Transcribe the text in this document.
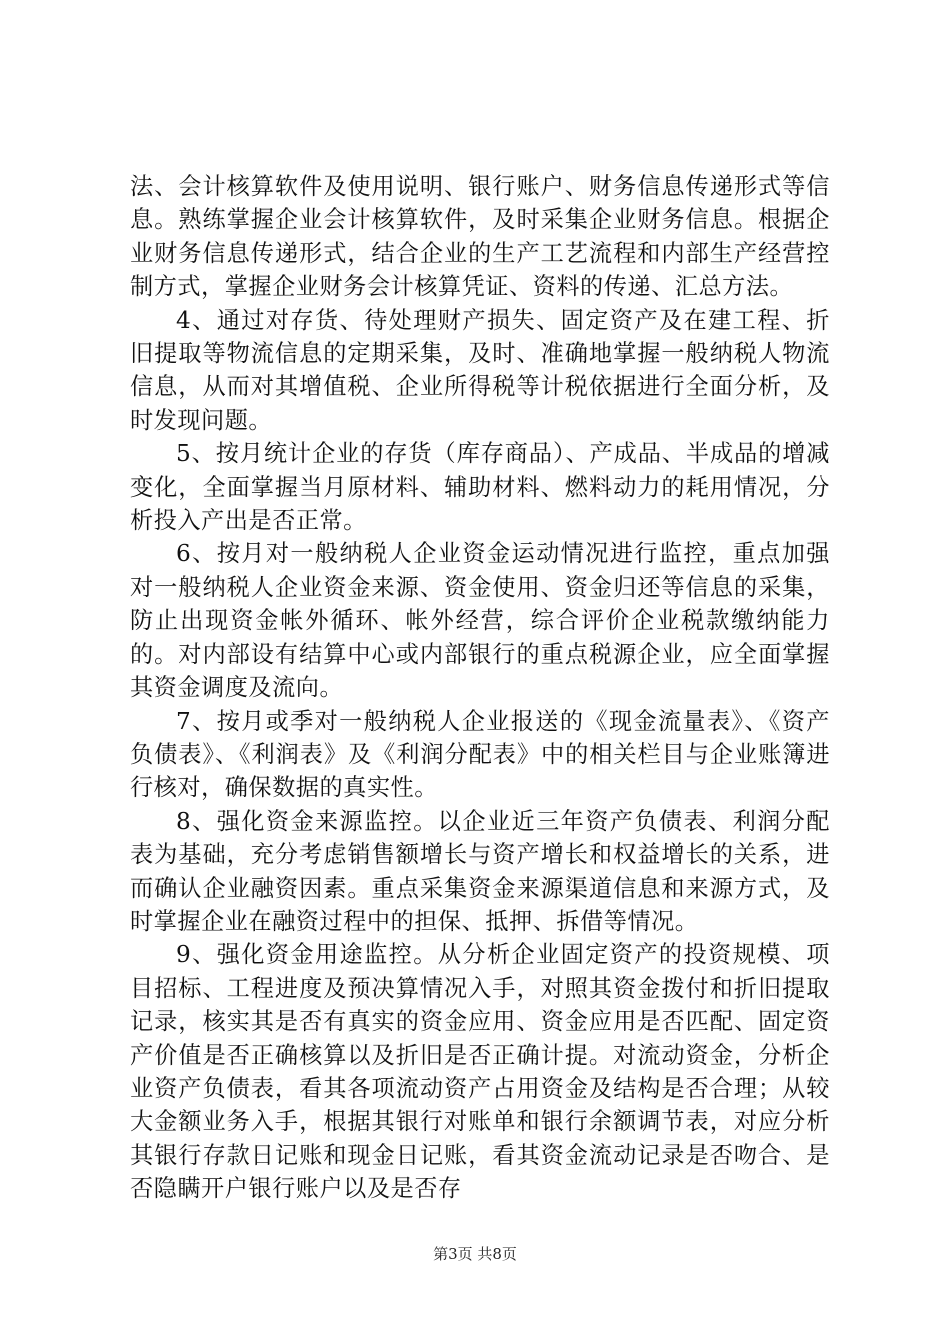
法、会计核算软件及使用说明、银行账户、财务信息传递形式等信息。熟练掌握企业会计核算软件，及时采集企业财务信息。根据企业财务信息传递形式，结合企业的生产工艺流程和内部生产经营控制方式，掌握企业财务会计核算凭证、资料的传递、汇总方法。

4、通过对存货、待处理财产损失、固定资产及在建工程、折旧提取等物流信息的定期采集，及时、准确地掌握一般纳税人物流信息，从而对其增值税、企业所得税等计税依据进行全面分析，及时发现问题。

5、按月统计企业的存货（库存商品）、产成品、半成品的增减变化，全面掌握当月原材料、辅助材料、燃料动力的耗用情况，分析投入产出是否正常。

6、按月对一般纳税人企业资金运动情况进行监控，重点加强对一般纳税人企业资金来源、资金使用、资金归还等信息的采集，防止出现资金帐外循环、帐外经营，综合评价企业税款缴纳能力的。对内部设有结算中心或内部银行的重点税源企业，应全面掌握其资金调度及流向。

7、按月或季对一般纳税人企业报送的《现金流量表》、《资产负债表》、《利润表》及《利润分配表》中的相关栏目与企业账簿进行核对，确保数据的真实性。

8、强化资金来源监控。以企业近三年资产负债表、利润分配表为基础，充分考虑销售额增长与资产增长和权益增长的关系，进而确认企业融资因素。重点采集资金来源渠道信息和来源方式，及时掌握企业在融资过程中的担保、抵押、拆借等情况。

9、强化资金用途监控。从分析企业固定资产的投资规模、项目招标、工程进度及预决算情况入手，对照其资金拨付和折旧提取记录，核实其是否有真实的资金应用、资金应用是否匹配、固定资产价值是否正确核算以及折旧是否正确计提。对流动资金，分析企业资产负债表，看其各项流动资产占用资金及结构是否合理；从较大金额业务入手，根据其银行对账单和银行余额调节表，对应分析其银行存款日记账和现金日记账，看其资金流动记录是否吻合、是否隐瞒开户银行账户以及是否存

第3页 共8页
